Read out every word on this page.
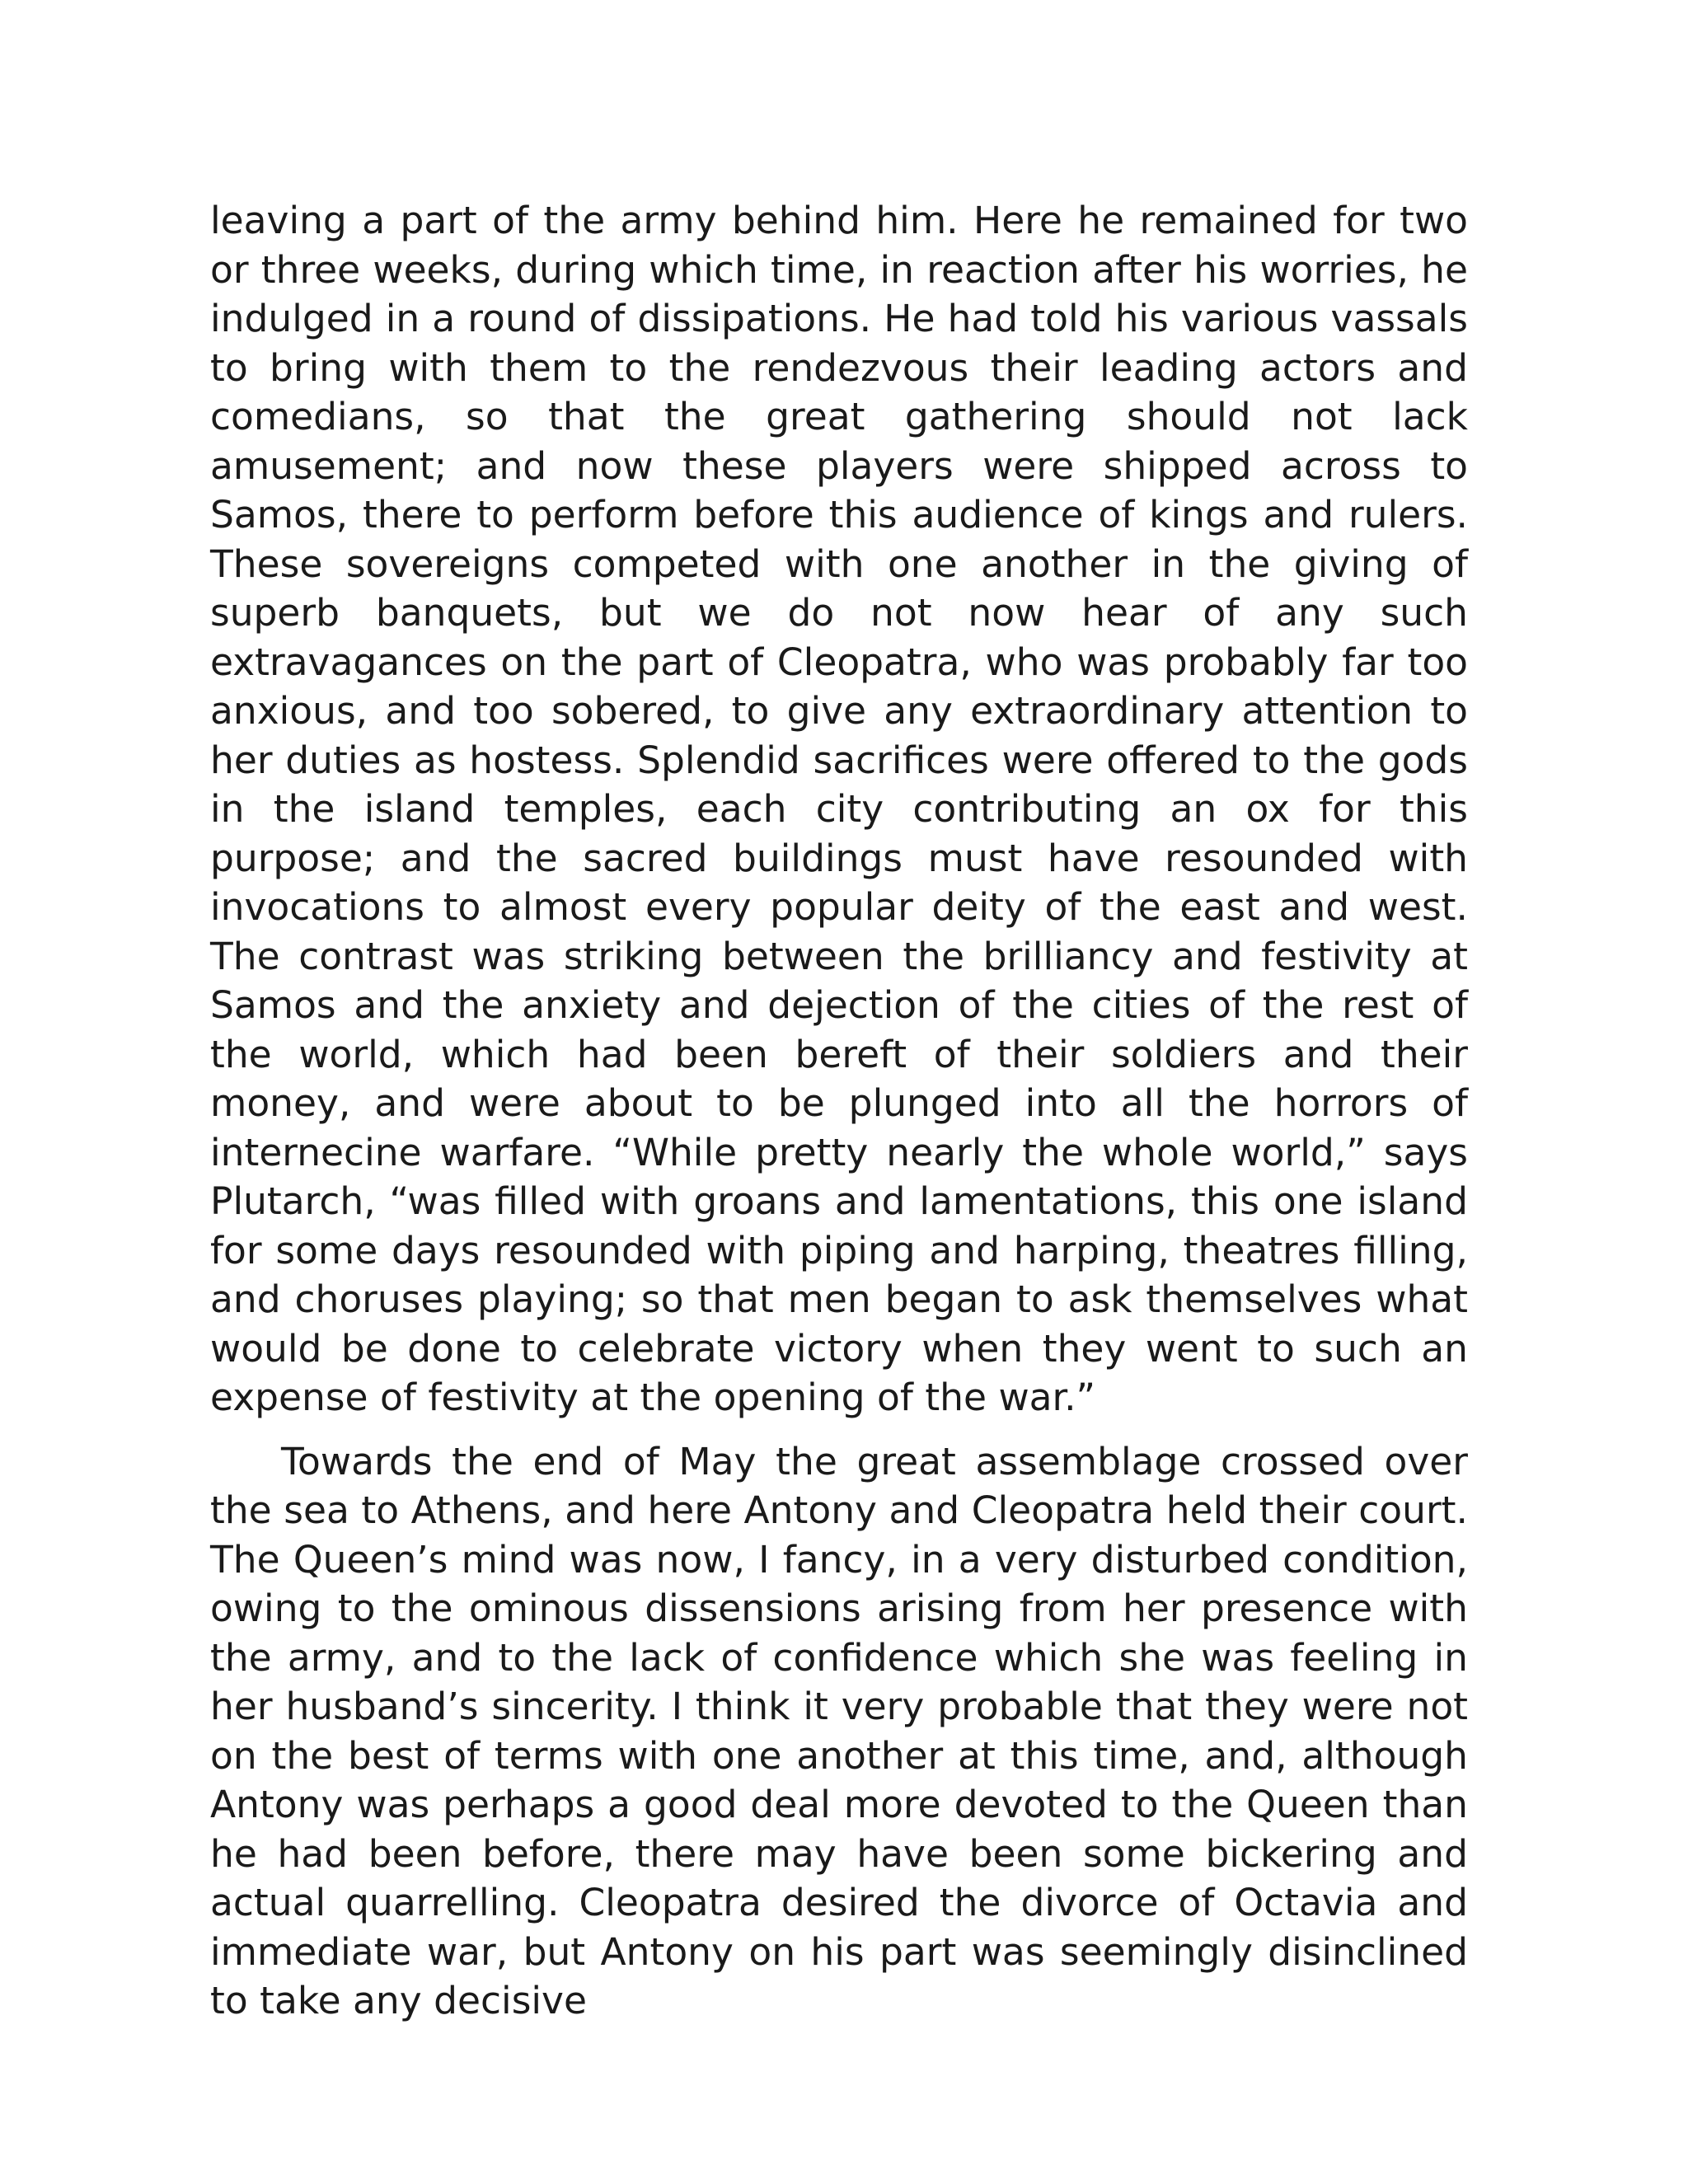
leaving a part of the army behind him. Here he remained for two or three weeks, during which time, in reaction after his worries, he indulged in a round of dissipations. He had told his various vassals to bring with them to the rendezvous their leading actors and comedians, so that the great gathering should not lack amusement; and now these players were shipped across to Samos, there to perform before this audience of kings and rulers. These sovereigns competed with one another in the giving of superb banquets, but we do not now hear of any such extravagances on the part of Cleopatra, who was probably far too anxious, and too sobered, to give any extraordinary attention to her duties as hostess. Splendid sacrifices were offered to the gods in the island temples, each city contributing an ox for this purpose; and the sacred buildings must have resounded with invocations to almost every popular deity of the east and west. The contrast was striking between the brilliancy and festivity at Samos and the anxiety and dejection of the cities of the rest of the world, which had been bereft of their soldiers and their money, and were about to be plunged into all the horrors of internecine warfare. “While pretty nearly the whole world,” says Plutarch, “was filled with groans and lamentations, this one island for some days resounded with piping and harping, theatres filling, and choruses playing; so that men began to ask themselves what would be done to celebrate victory when they went to such an expense of festivity at the opening of the war.”

Towards the end of May the great assemblage crossed over the sea to Athens, and here Antony and Cleopatra held their court. The Queen’s mind was now, I fancy, in a very disturbed condition, owing to the ominous dissensions arising from her presence with the army, and to the lack of confidence which she was feeling in her husband’s sincerity. I think it very probable that they were not on the best of terms with one another at this time, and, although Antony was perhaps a good deal more devoted to the Queen than he had been before, there may have been some bickering and actual quarrelling. Cleopatra desired the divorce of Octavia and immediate war, but Antony on his part was seemingly disinclined to take any decisive
